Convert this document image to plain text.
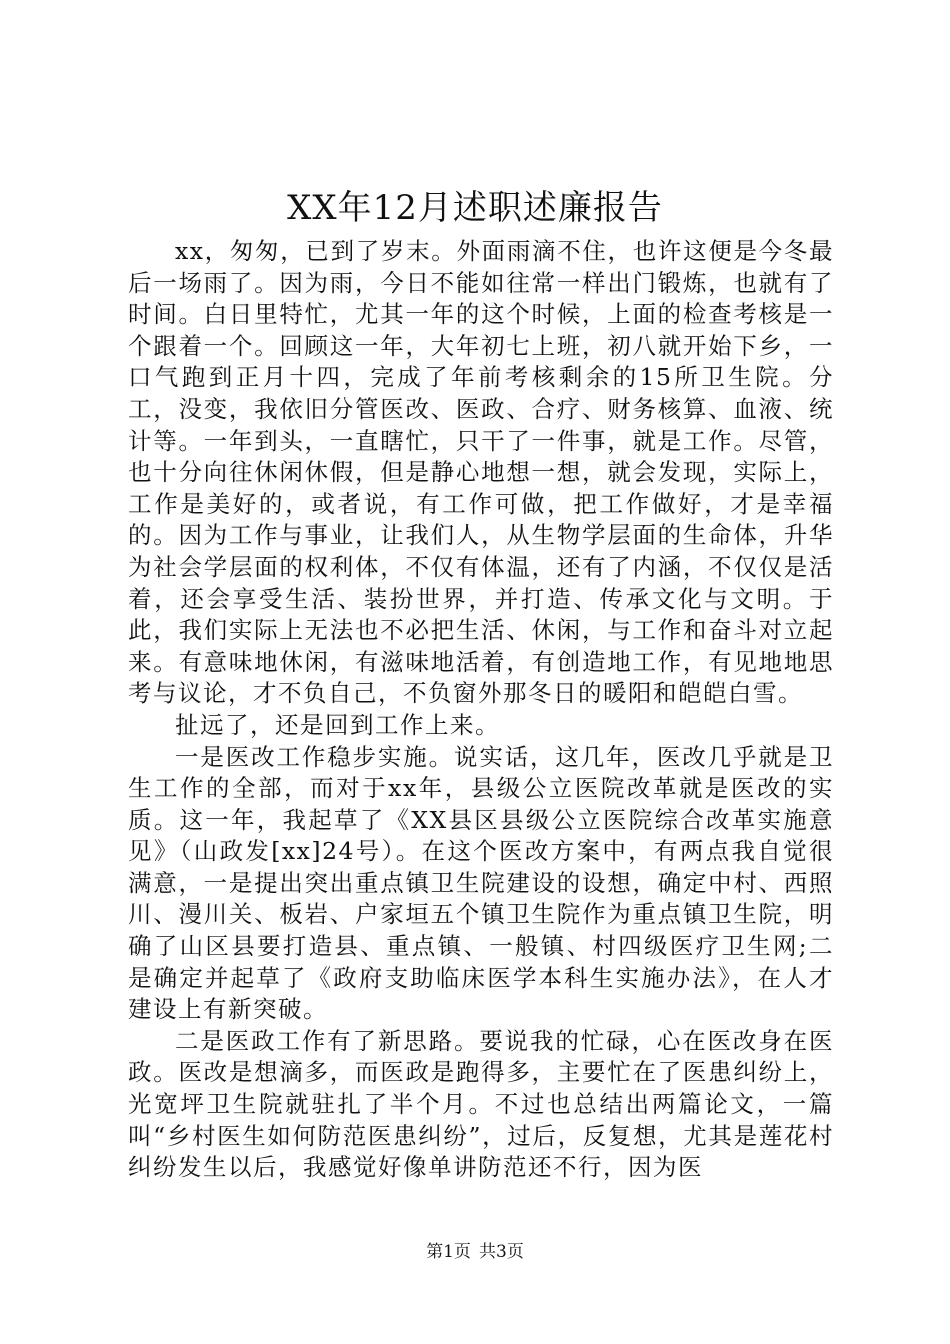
XX年12月述职述廉报告

xx，匆匆，已到了岁末。外面雨滴不住，也许这便是今冬最后一场雨了。因为雨，今日不能如往常一样出门锻炼，也就有了时间。白日里特忙，尤其一年的这个时候，上面的检查考核是一个跟着一个。回顾这一年，大年初七上班，初八就开始下乡，一口气跑到正月十四，完成了年前考核剩余的15所卫生院。分工，没变，我依旧分管医改、医政、合疗、财务核算、血液、统计等。一年到头，一直瞎忙，只干了一件事，就是工作。尽管，也十分向往休闲休假，但是静心地想一想，就会发现，实际上，工作是美好的，或者说，有工作可做，把工作做好，才是幸福的。因为工作与事业，让我们人，从生物学层面的生命体，升华为社会学层面的权利体，不仅有体温，还有了内涵，不仅仅是活着，还会享受生活、装扮世界，并打造、传承文化与文明。于此，我们实际上无法也不必把生活、休闲，与工作和奋斗对立起来。有意味地休闲，有滋味地活着，有创造地工作，有见地地思考与议论，才不负自己，不负窗外那冬日的暖阳和皑皑白雪。

扯远了，还是回到工作上来。

一是医改工作稳步实施。说实话，这几年，医改几乎就是卫生工作的全部，而对于xx年，县级公立医院改革就是医改的实质。这一年，我起草了《XX县区县级公立医院综合改革实施意见》（山政发[xx]24号）。在这个医改方案中，有两点我自觉很满意，一是提出突出重点镇卫生院建设的设想，确定中村、西照川、漫川关、板岩、户家垣五个镇卫生院作为重点镇卫生院，明确了山区县要打造县、重点镇、一般镇、村四级医疗卫生网;二是确定并起草了《政府支助临床医学本科生实施办法》，在人才建设上有新突破。

二是医政工作有了新思路。要说我的忙碌，心在医改身在医政。医改是想滴多，而医政是跑得多，主要忙在了医患纠纷上，光宽坪卫生院就驻扎了半个月。不过也总结出两篇论文，一篇叫“乡村医生如何防范医患纠纷”，过后，反复想，尤其是莲花村纠纷发生以后，我感觉好像单讲防范还不行，因为医

第1页 共3页
